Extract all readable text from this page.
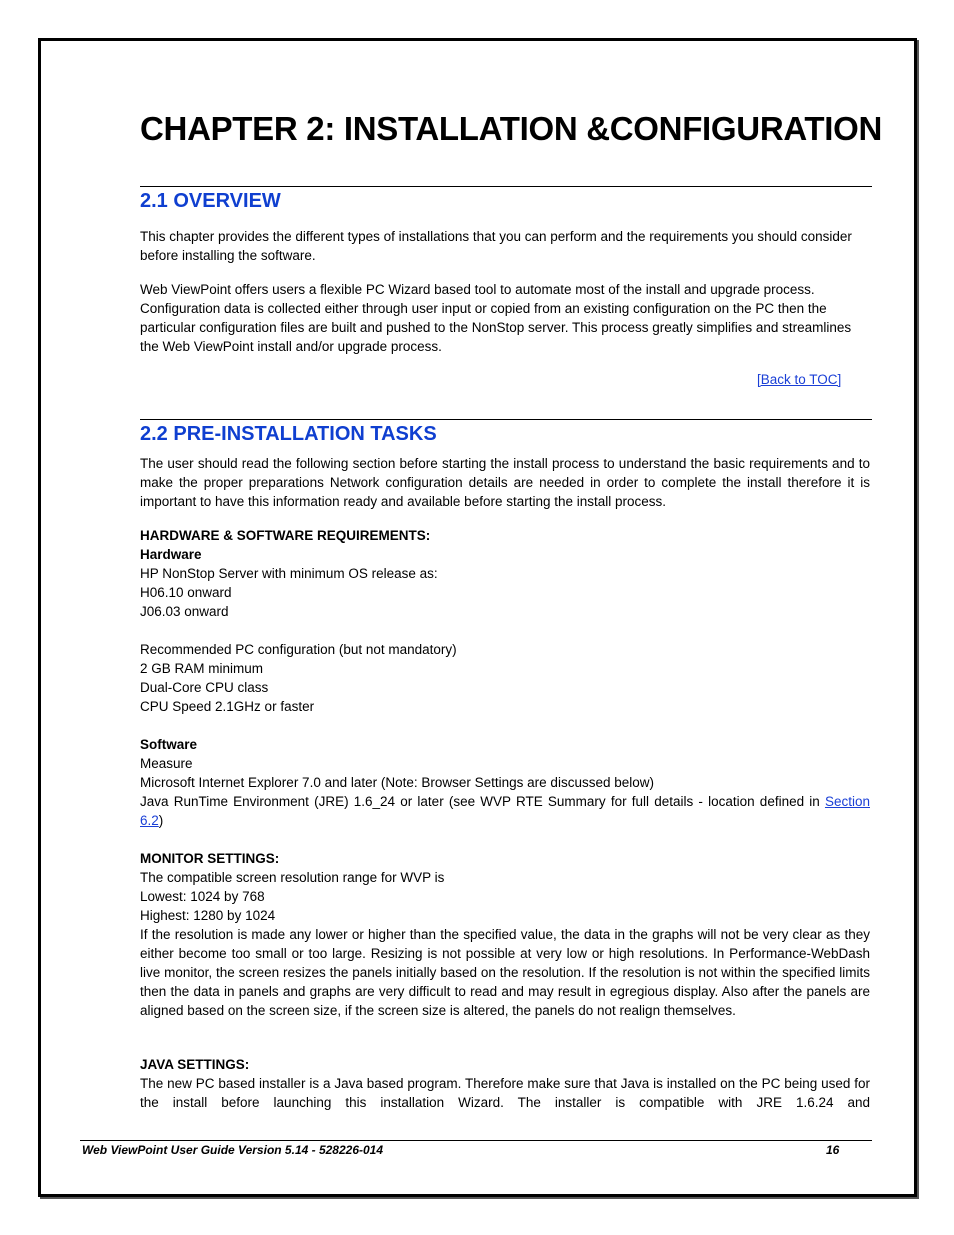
CHAPTER 2: INSTALLATION &CONFIGURATION
2.1 OVERVIEW

This chapter provides the different types of installations that you can perform and the requirements you should consider before installing the software.

Web ViewPoint offers users a flexible PC Wizard based tool to automate most of the install and upgrade process. Configuration data is collected either through user input or copied from an existing configuration on the PC then the particular configuration files are built and pushed to the NonStop server. This process greatly simplifies and streamlines the Web ViewPoint install and/or upgrade process.

[Back to TOC]
2.2 PRE-INSTALLATION TASKS

The user should read the following section before starting the install process to understand the basic requirements and to make the proper preparations Network configuration details are needed in order to complete the install therefore it is important to have this information ready and available before starting the install process.

HARDWARE & SOFTWARE REQUIREMENTS:

Hardware

HP NonStop Server with minimum OS release as:
H06.10 onward
J06.03 onward
Recommended PC configuration (but not mandatory)
2 GB RAM minimum
Dual-Core CPU class
CPU Speed 2.1GHz or faster

Software

Measure
Microsoft Internet Explorer 7.0 and later (Note: Browser Settings are discussed below)
Java RunTime Environment (JRE) 1.6_24 or later (see WVP RTE Summary for full details - location defined in Section
6.2)

MONITOR SETTINGS:

The compatible screen resolution range for WVP is
Lowest: 1024 by 768
Highest: 1280 by 1024

If the resolution is made any lower or higher than the specified value, the data in the graphs will not be very clear as they either become too small or too large. Resizing is not possible at very low or high resolutions. In Performance-WebDash live monitor, the screen resizes the panels initially based on the resolution. If the resolution is not within the specified limits then the data in panels and graphs are very difficult to read and may result in egregious display. Also after the panels are aligned based on the screen size, if the screen size is altered, the panels do not realign themselves.

JAVA SETTINGS:

The new PC based installer is a Java based program. Therefore make sure that Java is installed on the PC being used for the install before launching this installation Wizard. The installer is compatible with JRE 1.6.24 and

Web ViewPoint User Guide Version 5.14 - 528226-014	16
